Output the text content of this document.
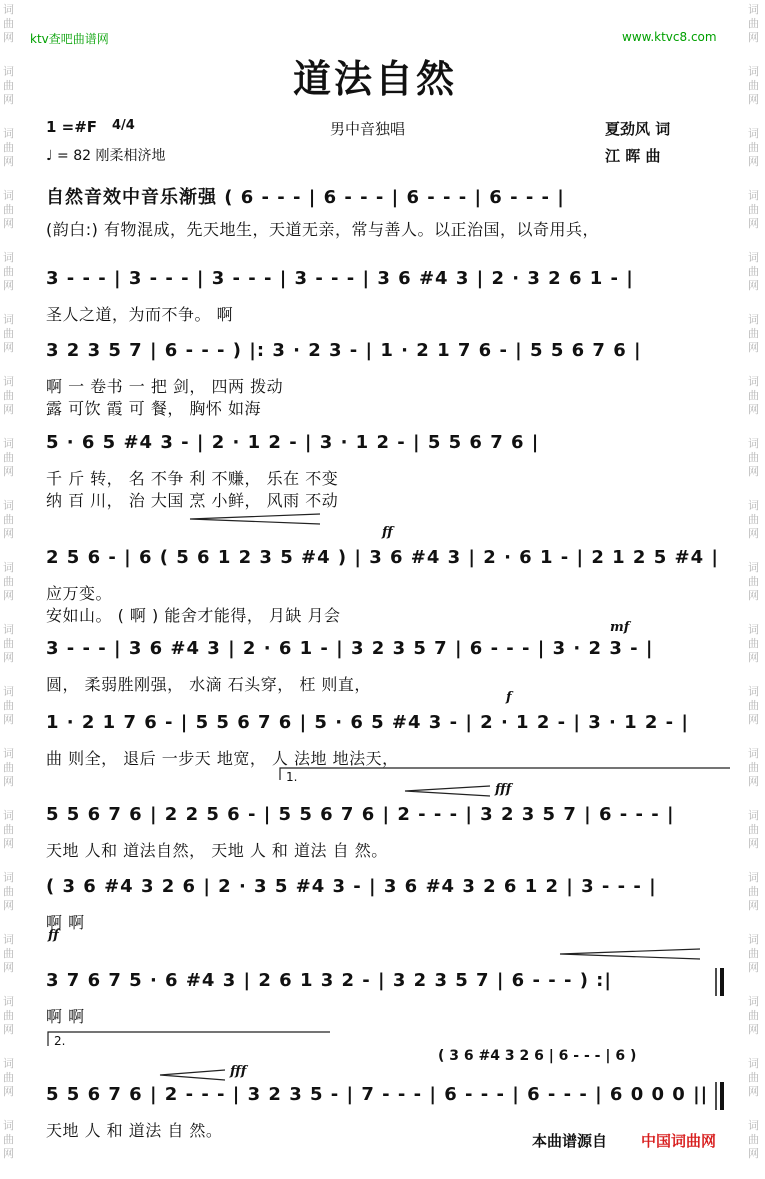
词
曲
网
词
曲
网
词
曲
网
词
曲
网
词
曲
网
词
曲
网
词
曲
网
词
曲
网
词
曲
网
词
曲
网
词
曲
网
词
曲
网
词
曲
网
词
曲
网
词
曲
网
词
曲
网
词
曲
网
词
曲
网
词
曲
网
词
曲
网
词
曲
网
词
曲
网
词
曲
网
词
曲
网
词
曲
网
词
曲
网
词
曲
网
词
曲
网
词
曲
网
词
曲
网
词
曲
网
词
曲
网
词
曲
网
词
曲
网
词
曲
网
词
曲
网
词
曲
网
词
曲
网
ktv查吧曲谱网	www.ktvc8.com
道法自然
1 =#F 4/4	男中音独唱	夏劲风 词
♩ = 82 刚柔相济地	江 晖 曲
自然音效中音乐渐强 ( 6 - - - | 6 - - - | 6 - - - | 6 - - - |
(韵白:) 有物混成，先天地生，天道无亲，常与善人。以正治国，以奇用兵，
3 - - - | 3 - - - | 3 - - - | 3 - - - | 3 6 #4 3 | 2 · 3 2 6 1 - |
圣人之道，为而不争。 啊
3 2 3 5 7 | 6 - - - ) |: 3 · 2 3 - | 1 · 2 1 7 6 - | 5 5 6 7 6 |
啊 一 卷书 一 把 剑， 四两 拨动
露 可饮 霞 可 餐， 胸怀 如海
5 · 6 5 #4 3 - | 2 · 1 2 - | 3 · 1 2 - | 5 5 6 7 6 |
千 斤 转， 名 不争 利 不赚， 乐在 不变
纳 百 川， 治 大国 烹 小鲜， 风雨 不动
2 5 6 - | 6 ( 5 6 1 2 3 5 #4 ) | 3 6 #4 3 | 2 · 6 1 - | 2 1 2 5 #4 |
应万变。
安如山。 ( 啊 ) 能舍才能得， 月缺 月会
3 - - - | 3 6 #4 3 | 2 · 6 1 - | 3 2 3 5 7 | 6 - - - | 3 · 2 3 - |
圆， 柔弱胜刚强， 水滴 石头穿， 枉 则直，
1 · 2 1 7 6 - | 5 5 6 7 6 | 5 · 6 5 #4 3 - | 2 · 1 2 - | 3 · 1 2 - |
曲 则全， 退后 一步天 地宽， 人 法地 地法天，
5 5 6 7 6 | 2 2 5 6 - | 5 5 6 7 6 | 2 - - - | 3 2 3 5 7 | 6 - - - |
天地 人和 道法自然， 天地 人 和 道法 自 然。
( 3 6 #4 3 2 6 | 2 · 3 5 #4 3 - | 3 6 #4 3 2 6 1 2 | 3 - - - |
啊 啊
3 7 6 7 5 · 6 #4 3 | 2 6 1 3 2 - | 3 2 3 5 7 | 6 - - - ) :|
啊 啊
5 5 6 7 6 | 2 - - - | 3 2 3 5 - | 7 - - - | 6 - - - | 6 - - - | 6 0 0 0 ||
天地 人 和 道法 自 然。
ff
mf
f
fff
ff
fff
1.
2.
( 3 6 #4 3 2 6 | 6 - - - | 6 )
本曲谱源自 中国词曲网
